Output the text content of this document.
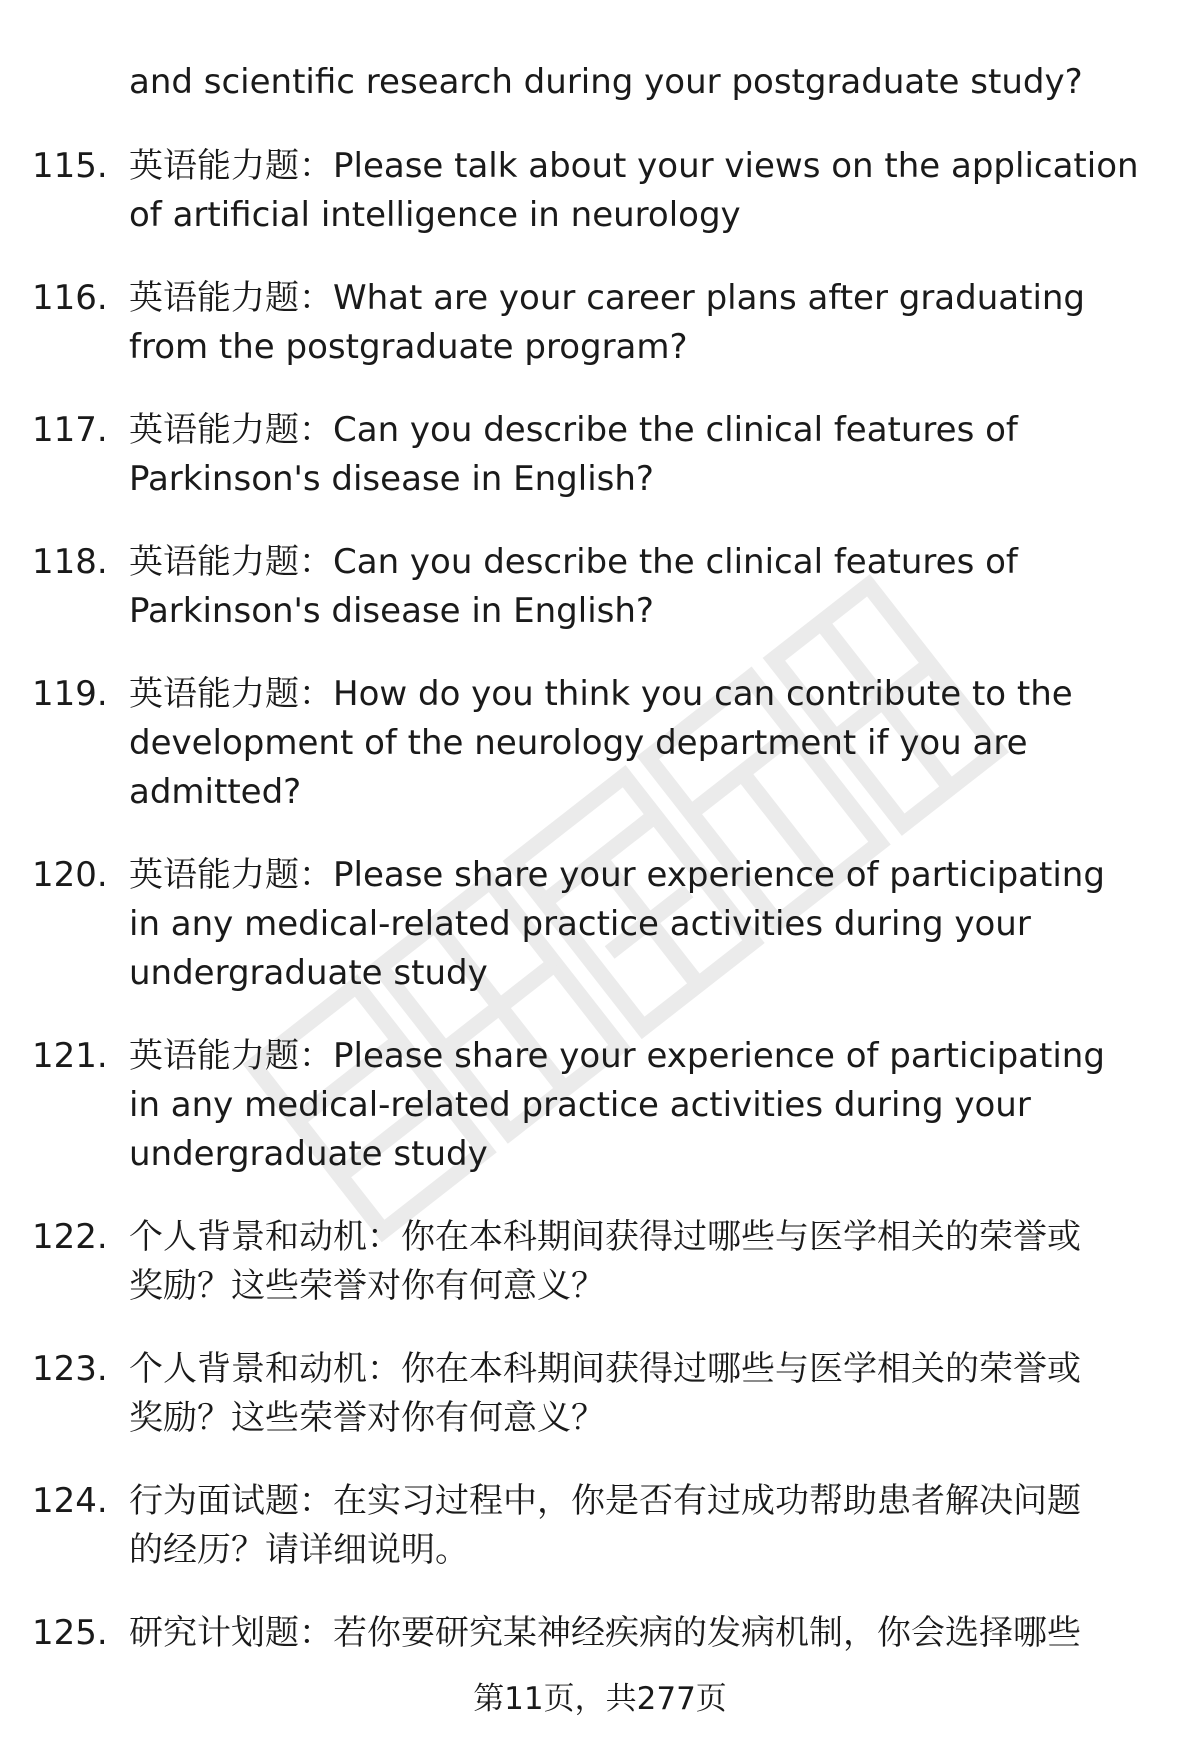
and scientific research during your postgraduate study?
115. 英语能力题：Please talk about your views on the application
of artificial intelligence in neurology
116. 英语能力题：What are your career plans after graduating
from the postgraduate program?
117. 英语能力题：Can you describe the clinical features of
Parkinson's disease in English?
118. 英语能力题：Can you describe the clinical features of
Parkinson's disease in English?
119. 英语能力题：How do you think you can contribute to the
development of the neurology department if you are
admitted?
120. 英语能力题：Please share your experience of participating
in any medical-related practice activities during your
undergraduate study
121. 英语能力题：Please share your experience of participating
in any medical-related practice activities during your
undergraduate study
122. 个人背景和动机：你在本科期间获得过哪些与医学相关的荣誉或
奖励？这些荣誉对你有何意义？
123. 个人背景和动机：你在本科期间获得过哪些与医学相关的荣誉或
奖励？这些荣誉对你有何意义？
124. 行为面试题：在实习过程中，你是否有过成功帮助患者解决问题
的经历？请详细说明。
125. 研究计划题：若你要研究某神经疾病的发病机制，你会选择哪些
第11页，共277页
